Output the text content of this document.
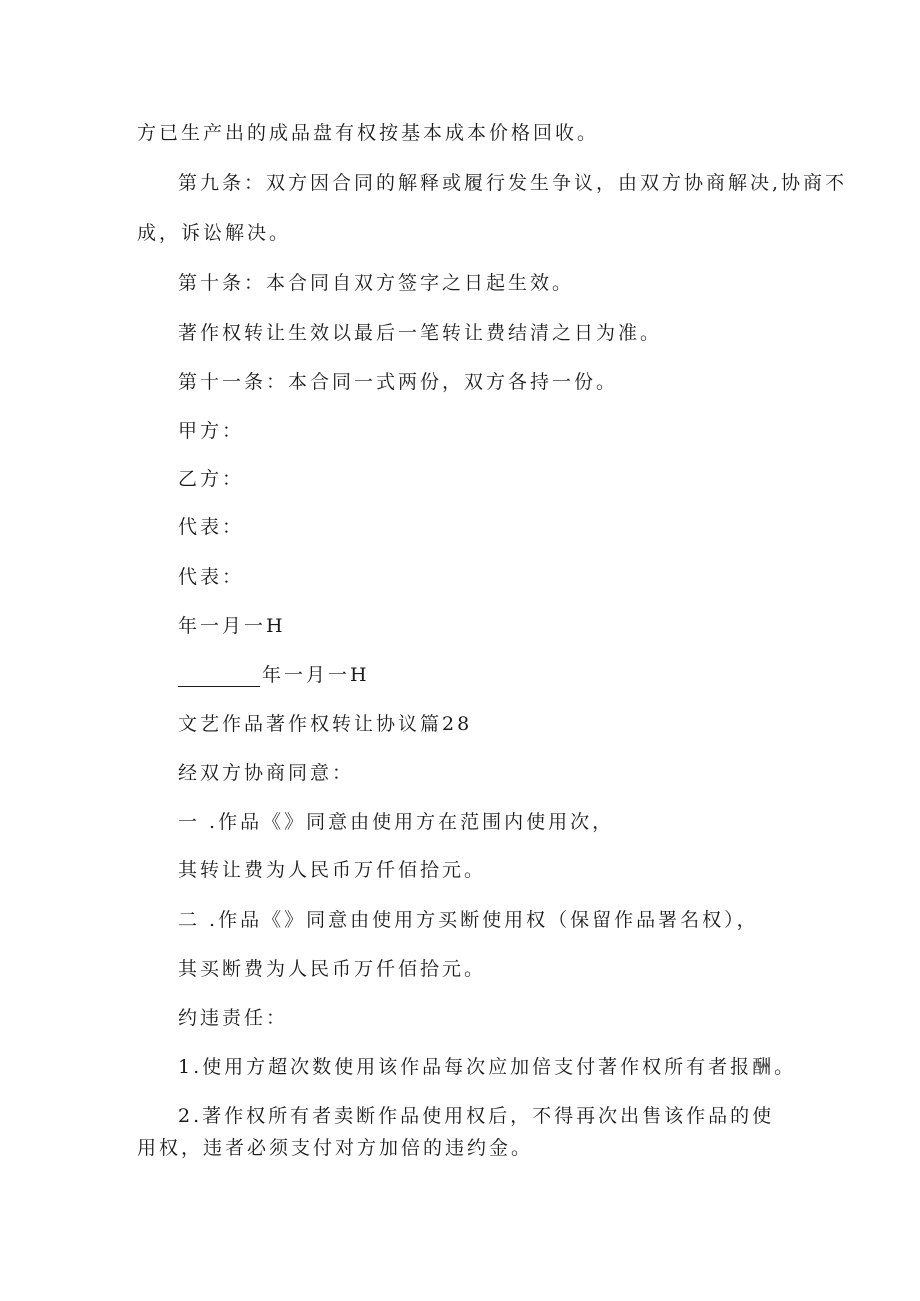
方已生产出的成品盘有权按基本成本价格回收。
第九条：双方因合同的解释或履行发生争议，由双方协商解决,协商不
成，诉讼解决。
第十条：本合同自双方签字之日起生效。
著作权转让生效以最后一笔转让费结清之日为准。
第十一条：本合同一式两份，双方各持一份。
甲方：
乙方：
代表：
代表：
年一月一H
年一月一H
文艺作品著作权转让协议篇28
经双方协商同意：
一 .作品《》同意由使用方在范围内使用次，
其转让费为人民币万仟佰拾元。
二 .作品《》同意由使用方买断使用权（保留作品署名权），
其买断费为人民币万仟佰拾元。
约违责任：
1.使用方超次数使用该作品每次应加倍支付著作权所有者报酬。
2.著作权所有者卖断作品使用权后，不得再次出售该作品的使
用权，违者必须支付对方加倍的违约金。
